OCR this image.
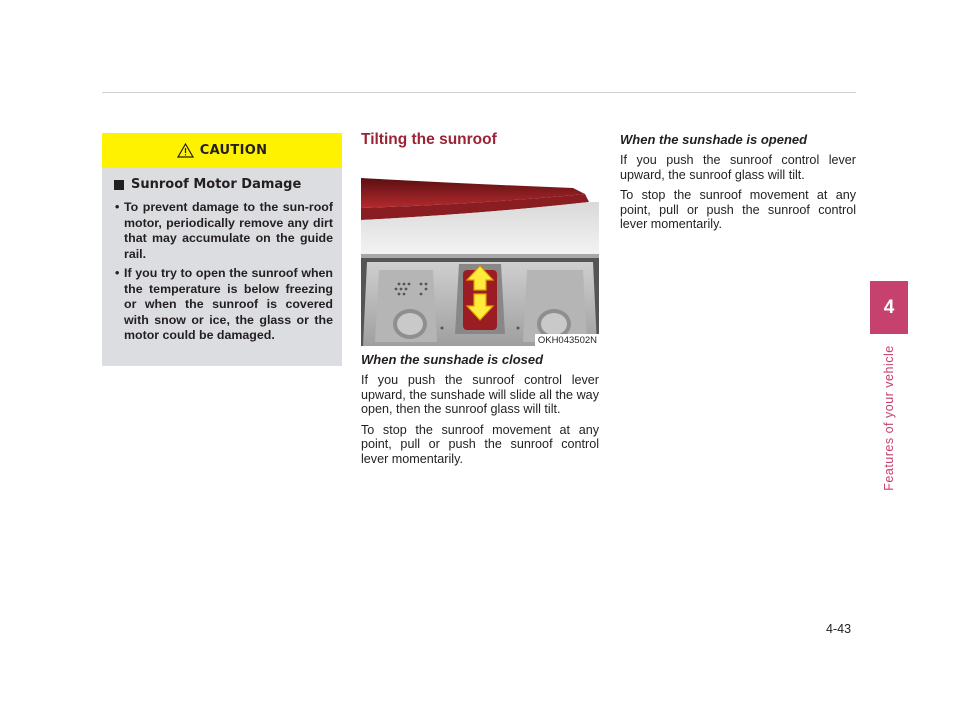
CAUTION
Sunroof Motor Damage
• To prevent damage to the sun-roof motor, periodically remove any dirt that may accumulate on the guide rail.
• If you try to open the sunroof when the temperature is below freezing or when the sunroof is covered with snow or ice, the glass or the motor could be damaged.
Tilting the sunroof
OKH043502N
When the sunshade is closed

If you push the sunroof control lever upward, the sunshade will slide all the way open, then the sunroof glass will tilt.

To stop the sunroof movement at any point, pull or push the sunroof control lever momentarily.

When the sunshade is opened

If you push the sunroof control lever upward, the sunroof glass will tilt.

To stop the sunroof movement at any point, pull or push the sunroof control lever momentarily.

4
Features of your vehicle
4-43
